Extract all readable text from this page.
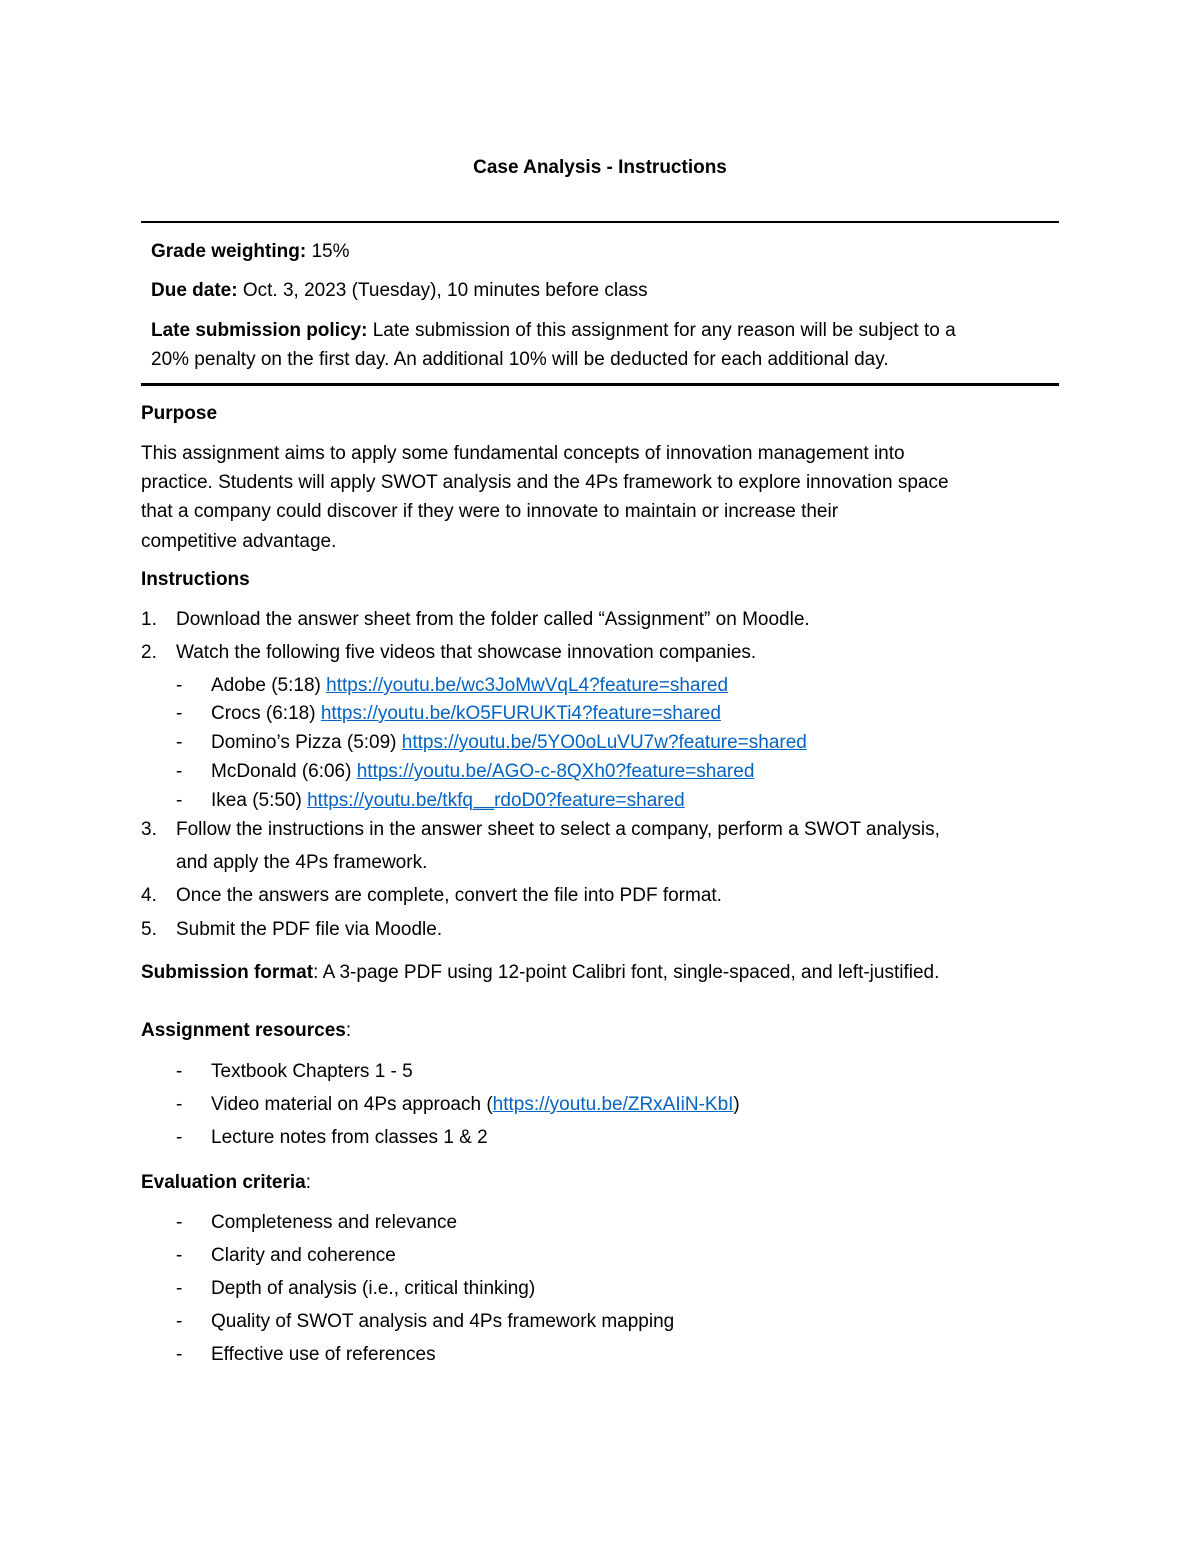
Case Analysis - Instructions
Grade weighting: 15%
Due date: Oct. 3, 2023 (Tuesday), 10 minutes before class
Late submission policy: Late submission of this assignment for any reason will be subject to a
20% penalty on the first day. An additional 10% will be deducted for each additional day.
Purpose
This assignment aims to apply some fundamental concepts of innovation management into
practice. Students will apply SWOT analysis and the 4Ps framework to explore innovation space
that a company could discover if they were to innovate to maintain or increase their
competitive advantage.
Instructions
1. Download the answer sheet from the folder called “Assignment” on Moodle.
2. Watch the following five videos that showcase innovation companies.
- Adobe (5:18) https://youtu.be/wc3JoMwVqL4?feature=shared
- Crocs (6:18) https://youtu.be/kO5FURUKTi4?feature=shared
- Domino’s Pizza (5:09) https://youtu.be/5YO0oLuVU7w?feature=shared
- McDonald (6:06) https://youtu.be/AGO-c-8QXh0?feature=shared
- Ikea (5:50) https://youtu.be/tkfq__rdoD0?feature=shared
3. Follow the instructions in the answer sheet to select a company, perform a SWOT analysis,
and apply the 4Ps framework.
4. Once the answers are complete, convert the file into PDF format.
5. Submit the PDF file via Moodle.
Submission format: A 3-page PDF using 12-point Calibri font, single-spaced, and left-justified.
Assignment resources:
- Textbook Chapters 1 - 5
- Video material on 4Ps approach (https://youtu.be/ZRxAIiN-KbI)
- Lecture notes from classes 1 & 2
Evaluation criteria:
- Completeness and relevance
- Clarity and coherence
- Depth of analysis (i.e., critical thinking)
- Quality of SWOT analysis and 4Ps framework mapping
- Effective use of references
